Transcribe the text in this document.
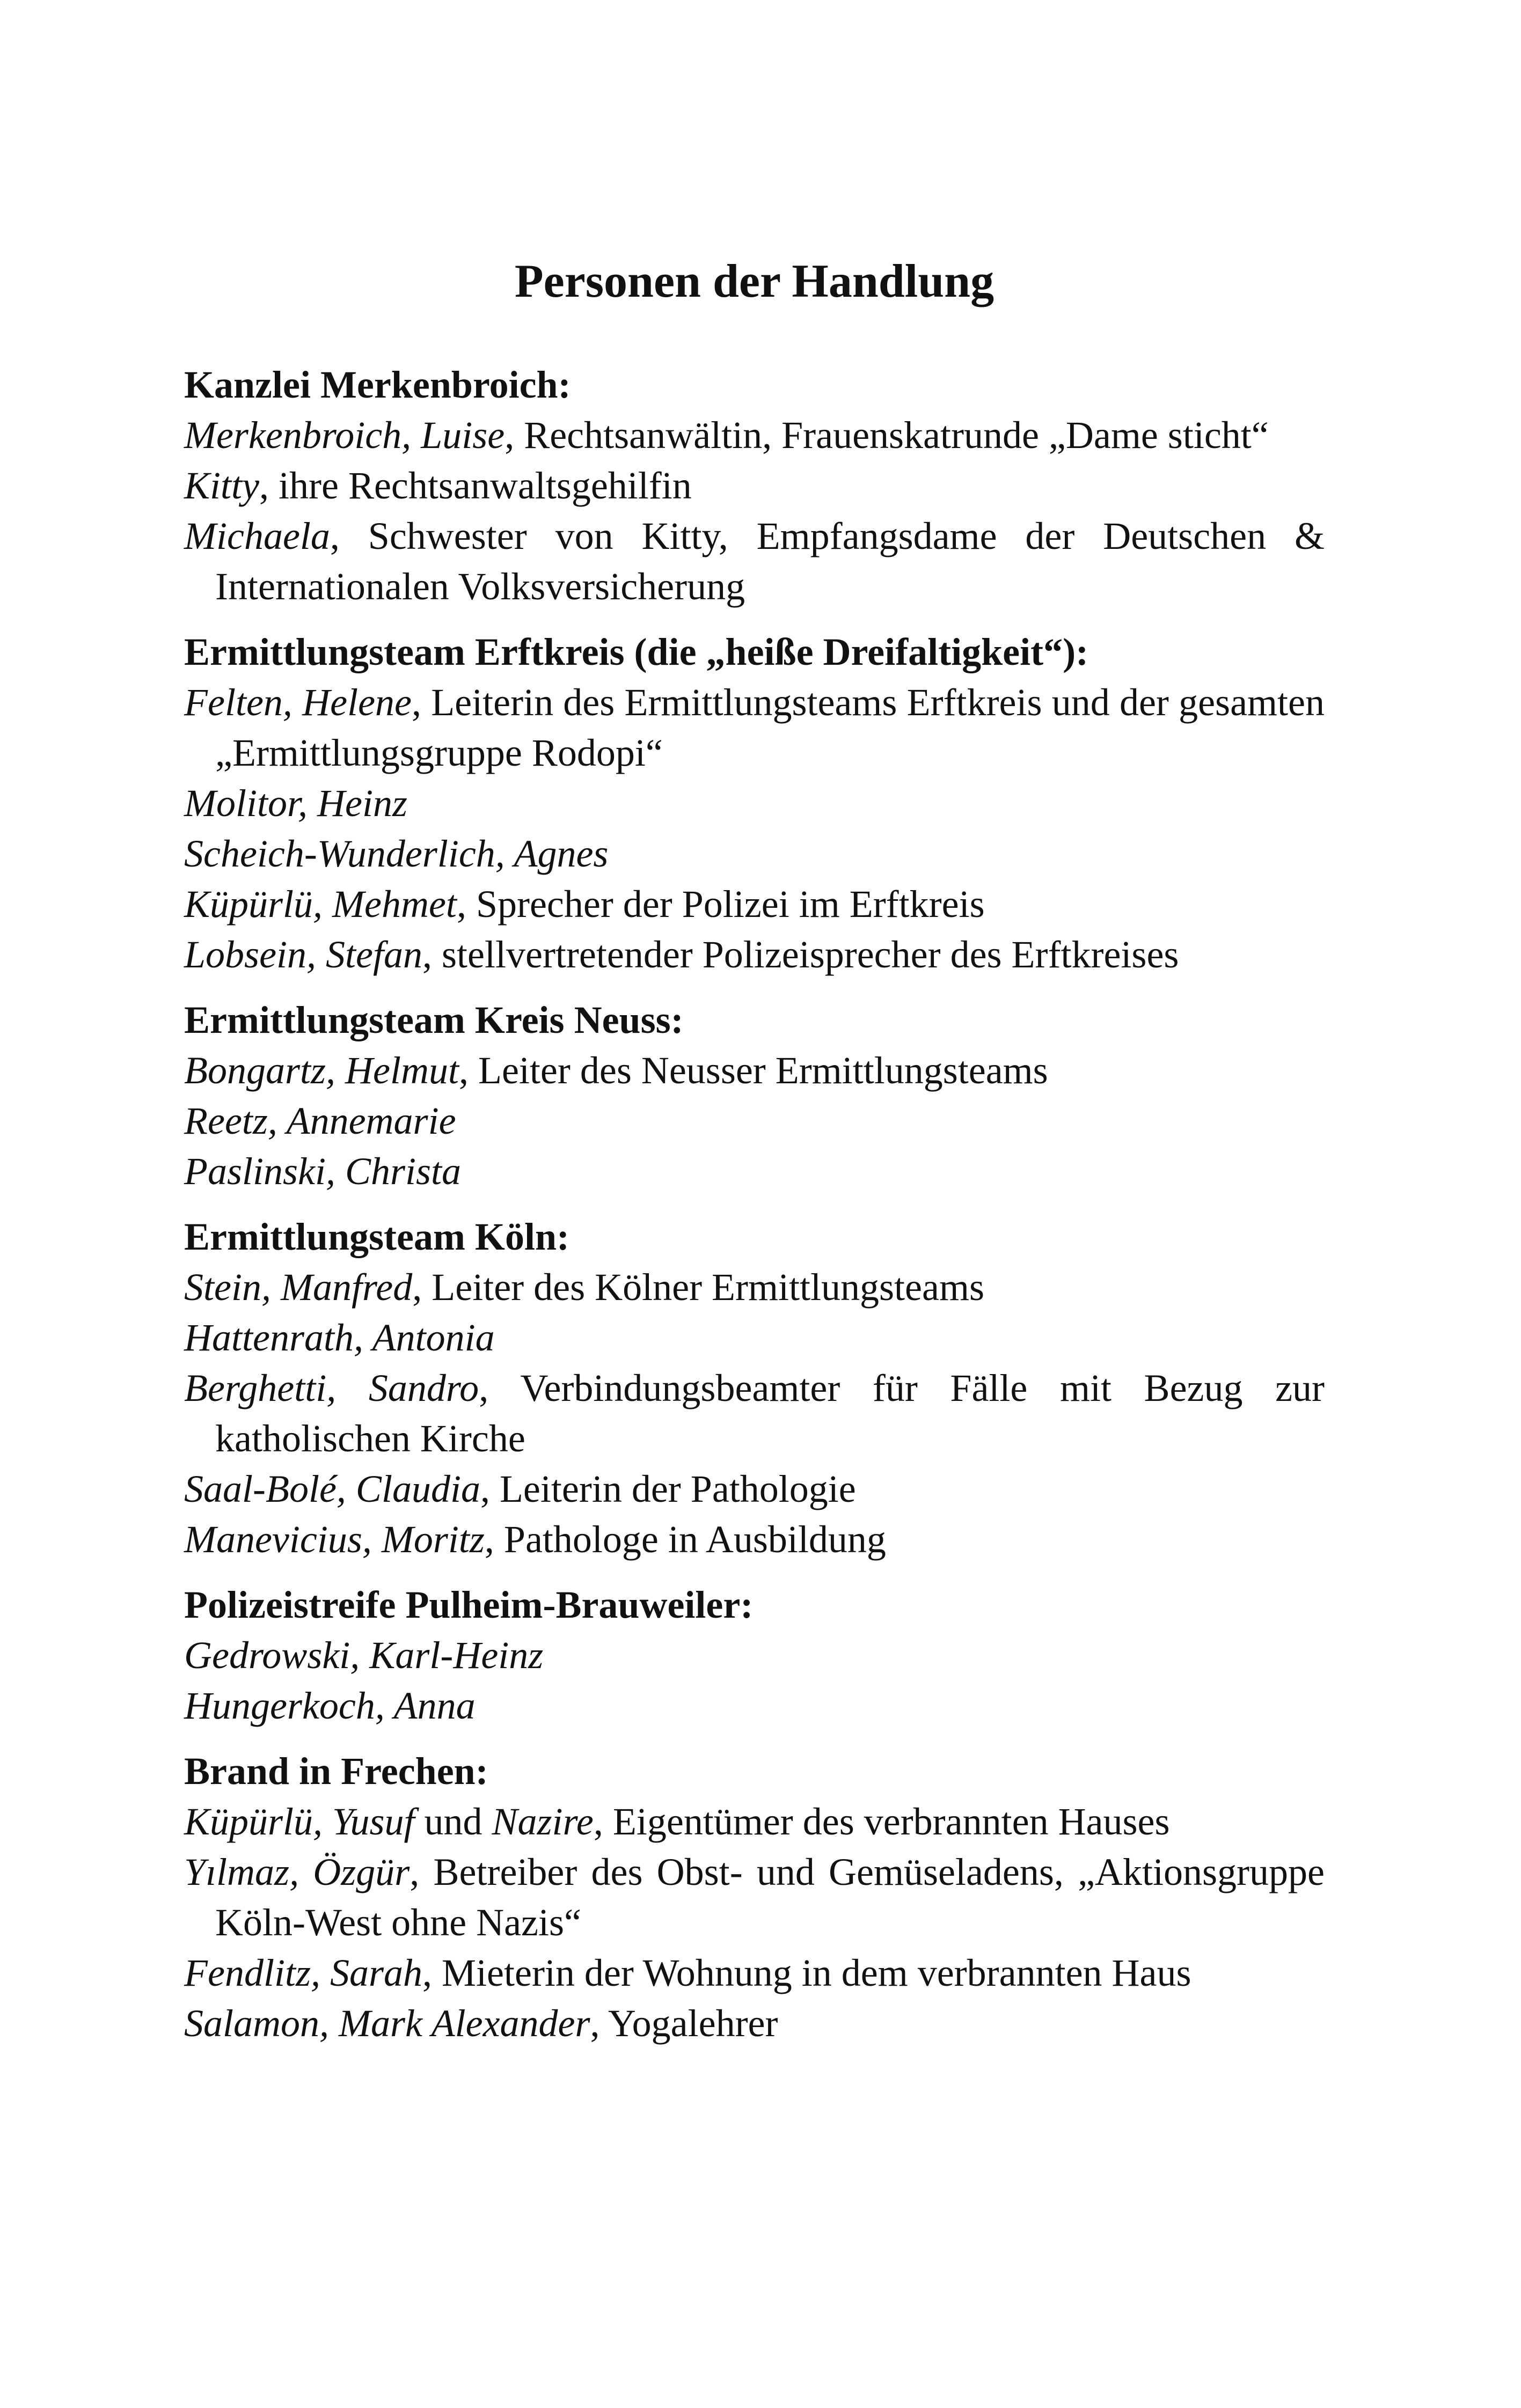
Personen der Handlung

Kanzlei Merkenbroich:

Merkenbroich, Luise, Rechtsanwältin, Frauenskatrunde „Dame sticht“

Kitty, ihre Rechtsanwaltsgehilfin

Michaela, Schwester von Kitty, Empfangsdame der Deutschen & Internationalen Volksversicherung

Ermittlungsteam Erftkreis (die „heiße Dreifaltigkeit“):

Felten, Helene, Leiterin des Ermittlungsteams Erftkreis und der gesamten „Ermittlungsgruppe Rodopi“

Molitor, Heinz

Scheich-Wunderlich, Agnes

Küpürlü, Mehmet, Sprecher der Polizei im Erftkreis

Lobsein, Stefan, stellvertretender Polizeisprecher des Erftkreises

Ermittlungsteam Kreis Neuss:

Bongartz, Helmut, Leiter des Neusser Ermittlungsteams

Reetz, Annemarie

Paslinski, Christa

Ermittlungsteam Köln:

Stein, Manfred, Leiter des Kölner Ermittlungsteams

Hattenrath, Antonia

Berghetti, Sandro, Verbindungsbeamter für Fälle mit Bezug zur katholischen Kirche

Saal-Bolé, Claudia, Leiterin der Pathologie

Manevicius, Moritz, Pathologe in Ausbildung

Polizeistreife Pulheim-Brauweiler:

Gedrowski, Karl-Heinz

Hungerkoch, Anna

Brand in Frechen:

Küpürlü, Yusuf und Nazire, Eigentümer des verbrannten Hauses

Yılmaz, Özgür, Betreiber des Obst- und Gemüseladens, „Aktionsgruppe Köln-West ohne Nazis“

Fendlitz, Sarah, Mieterin der Wohnung in dem verbrannten Haus

Salamon, Mark Alexander, Yogalehrer
